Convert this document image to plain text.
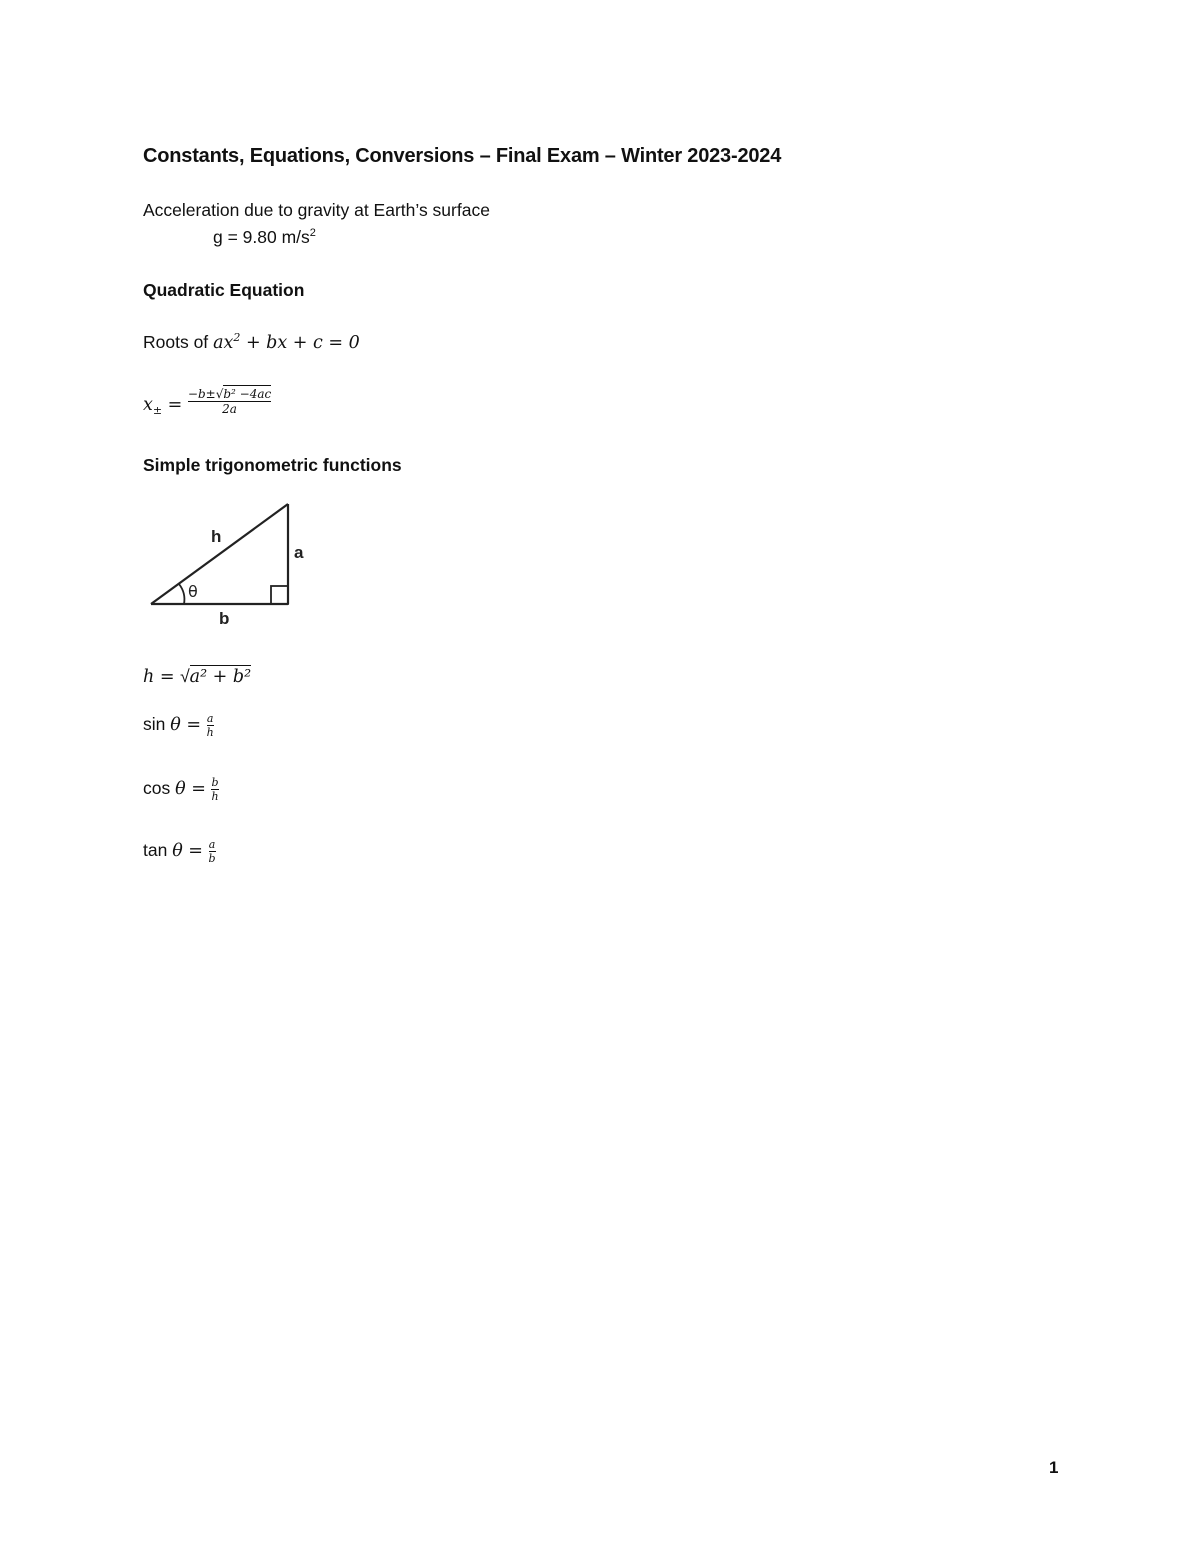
Constants, Equations, Conversions – Final Exam – Winter 2023-2024
Acceleration due to gravity at Earth’s surface
g = 9.80 $m/s^2$
Quadratic Equation
Roots of $ax^2$ + bx + c = 0
$x_\pm = \frac{\text{−b±√b² −4ac}}{2a}$
Simple trigonometric functions
h
a
b
θ
h = √a² + b²
$\sin \theta = \frac{a}{h}$
$\cos \theta = \frac{b}{h}$
$\tan \theta = \frac{a}{b}$
1
